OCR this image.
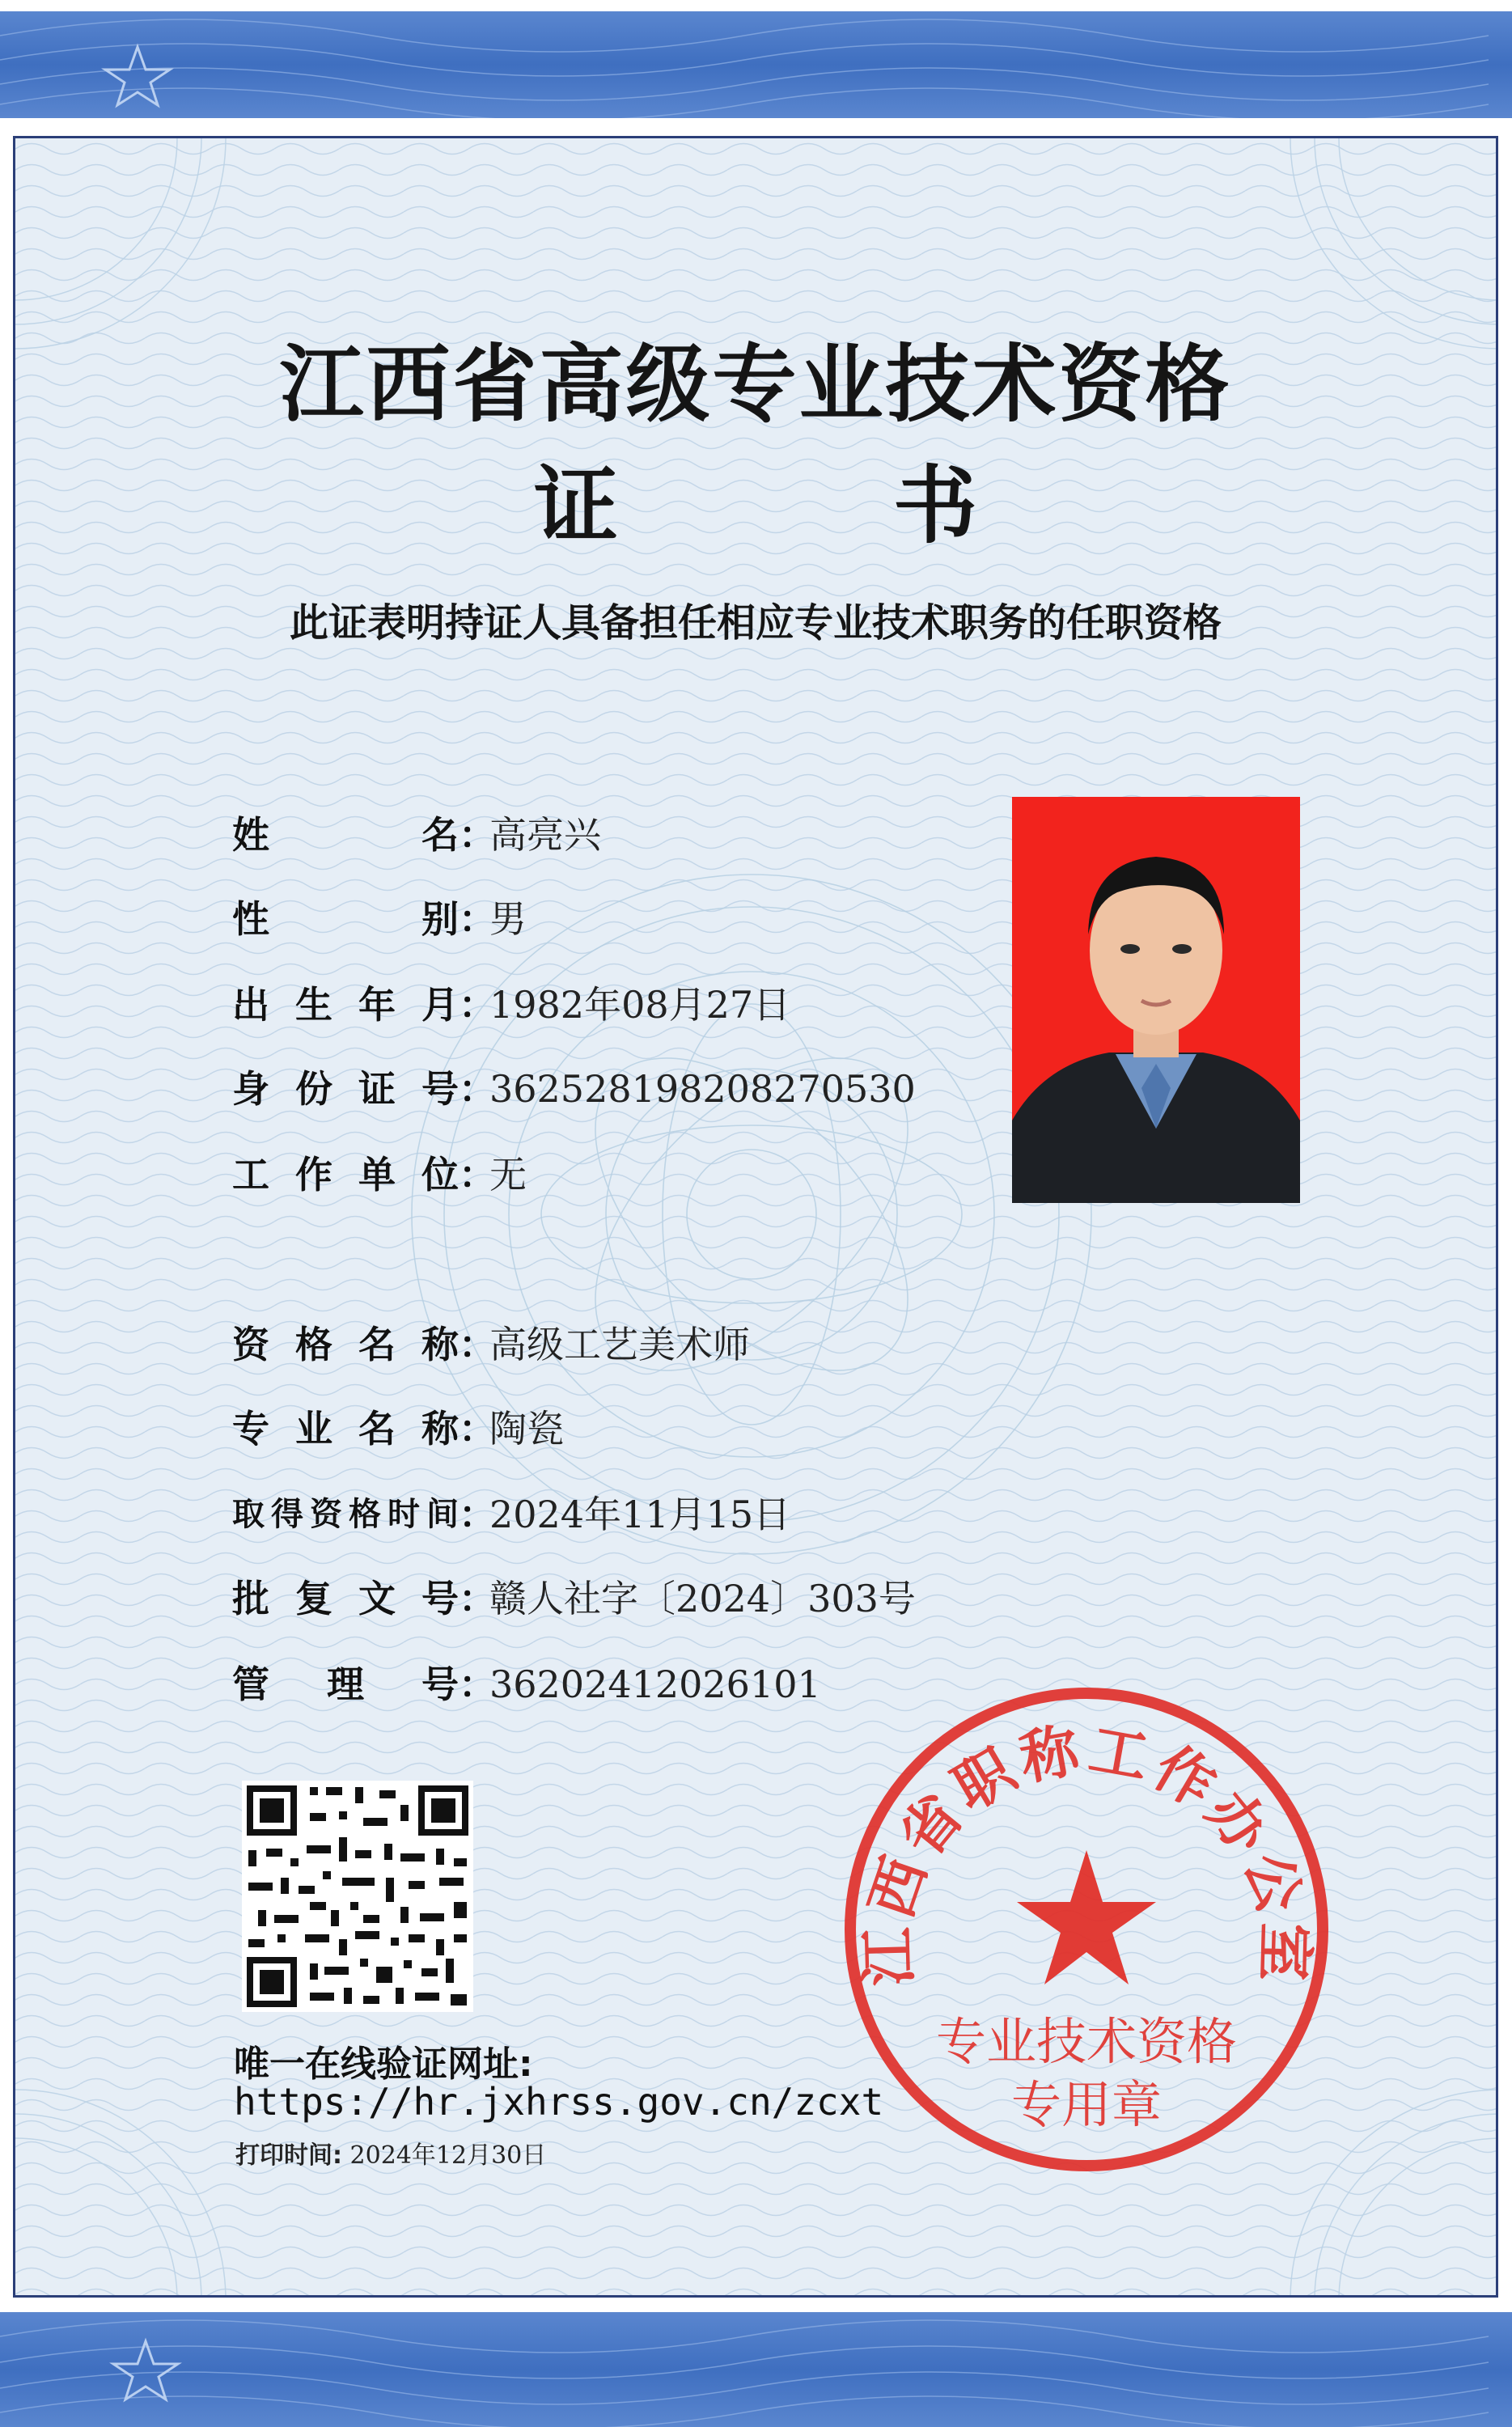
江西省高级专业技术资格
证	书
此证表明持证人具备担任相应专业技术职务的任职资格
姓名：高亮兴
性别：男
出生年月：1982年08月27日
身份证号：362528198208270530
工作单位：无
资格名称：高级工艺美术师
专业名称：陶瓷
取得资格时间：2024年11月15日
批复文号：赣人社字〔2024〕303号
管理号：36202412026101
唯一在线验证网址:
https://hr.jxhrss.gov.cn/zcxt
打印时间: 2024年12月30日
江西省职称工作办公室
专业技术资格
专用章
